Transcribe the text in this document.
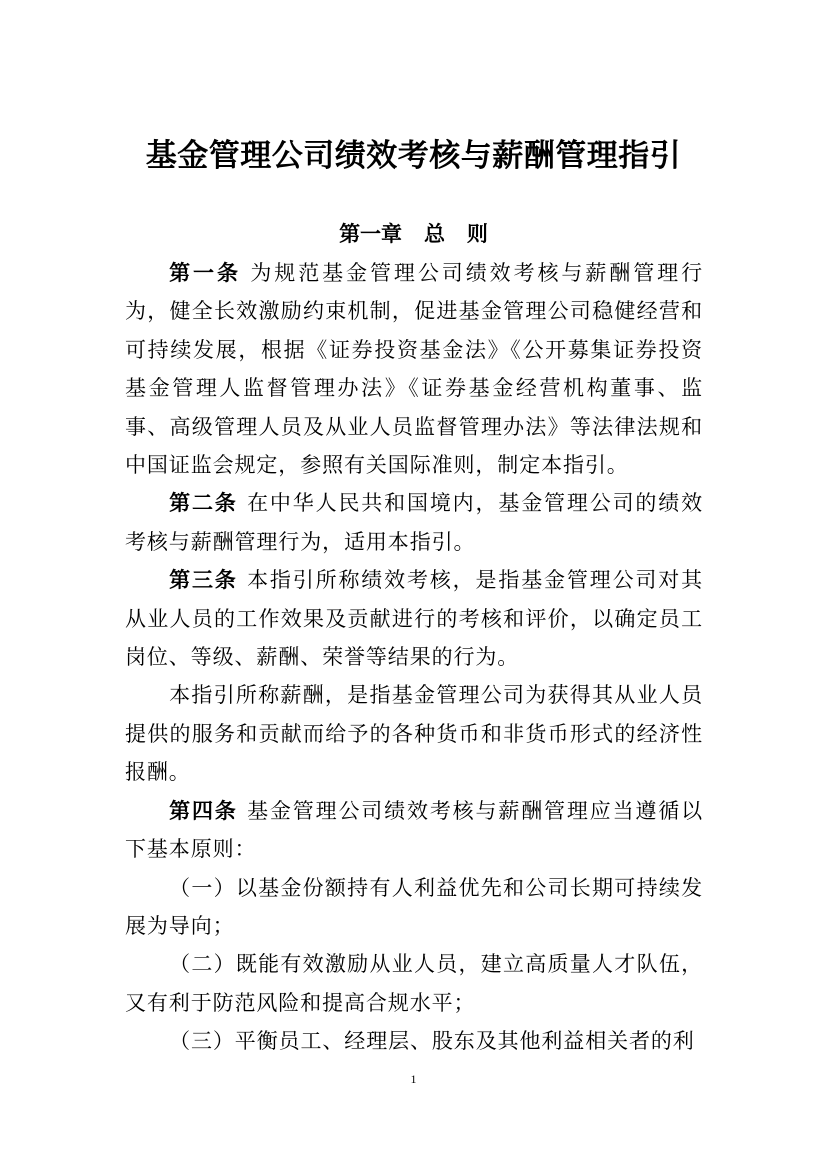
基金管理公司绩效考核与薪酬管理指引
第一章   总   则

第一条 为规范基金管理公司绩效考核与薪酬管理行为，健全长效激励约束机制，促进基金管理公司稳健经营和可持续发展，根据《证券投资基金法》《公开募集证券投资基金管理人监督管理办法》《证券基金经营机构董事、监事、高级管理人员及从业人员监督管理办法》等法律法规和中国证监会规定，参照有关国际准则，制定本指引。

第二条 在中华人民共和国境内，基金管理公司的绩效考核与薪酬管理行为，适用本指引。

第三条 本指引所称绩效考核，是指基金管理公司对其从业人员的工作效果及贡献进行的考核和评价，以确定员工岗位、等级、薪酬、荣誉等结果的行为。

本指引所称薪酬，是指基金管理公司为获得其从业人员提供的服务和贡献而给予的各种货币和非货币形式的经济性报酬。

第四条 基金管理公司绩效考核与薪酬管理应当遵循以下基本原则：

（一）以基金份额持有人利益优先和公司长期可持续发展为导向；

（二）既能有效激励从业人员，建立高质量人才队伍，又有利于防范风险和提高合规水平；

（三）平衡员工、经理层、股东及其他利益相关者的利

1
